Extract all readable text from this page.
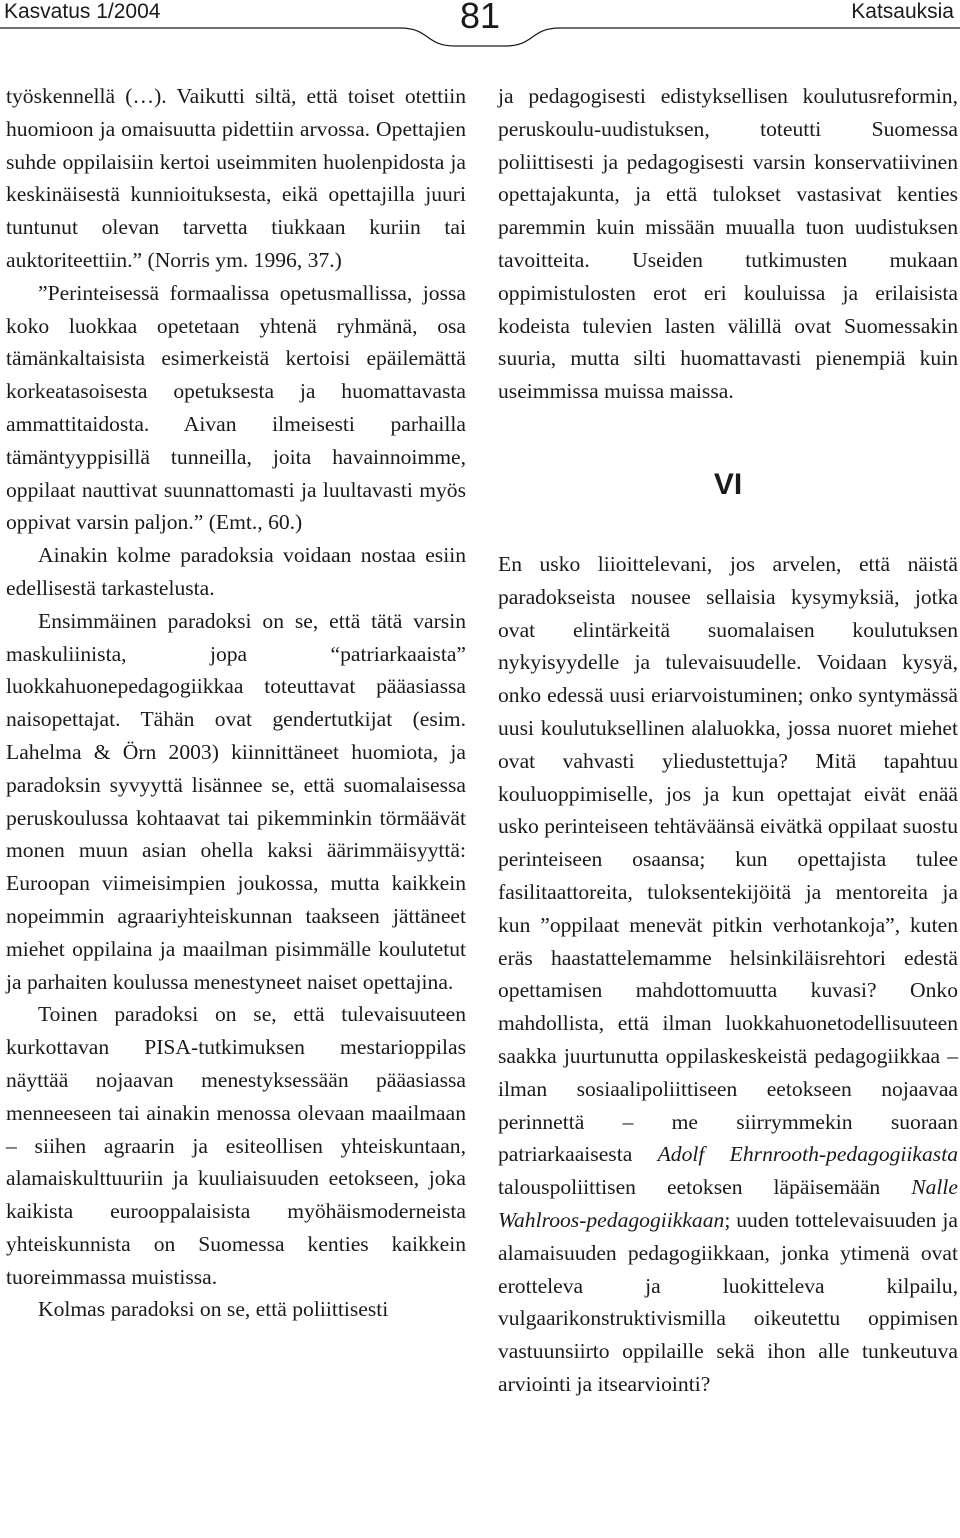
Kasvatus 1/2004	81	Katsauksia

työskennellä (…). Vaikutti siltä, että toiset otettiin huomioon ja omaisuutta pidettiin arvossa. Opettajien suhde oppilaisiin kertoi useimmiten huolenpidosta ja keskinäisestä kunnioituksesta, eikä opettajilla juuri tuntunut olevan tarvetta tiukkaan kuriin tai auktoriteettiin.” (Norris ym. 1996, 37.)

”Perinteisessä formaalissa opetusmallissa, jossa koko luokkaa opetetaan yhtenä ryhmänä, osa tämänkaltaisista esimerkeistä kertoisi epäilemättä korkeatasoisesta opetuksesta ja huomattavasta ammattitaidosta. Aivan ilmeisesti parhailla tämäntyyppisillä tunneilla, joita havainnoimme, oppilaat nauttivat suunnattomasti ja luultavasti myös oppivat varsin paljon.” (Emt., 60.)

Ainakin kolme paradoksia voidaan nostaa esiin edellisestä tarkastelusta.

Ensimmäinen paradoksi on se, että tätä varsin maskuliinista, jopa “patriarkaaista” luokkahuonepedagogiikkaa toteuttavat pääasiassa naisopettajat. Tähän ovat gendertutkijat (esim. Lahelma & Örn 2003) kiinnittäneet huomiota, ja paradoksin syvyyttä lisännee se, että suomalaisessa peruskoulussa kohtaavat tai pikemminkin törmäävät monen muun asian ohella kaksi äärimmäisyyttä: Euroopan viimeisimpien joukossa, mutta kaikkein nopeimmin agraariyhteiskunnan taakseen jättäneet miehet oppilaina ja maailman pisimmälle koulutetut ja parhaiten koulussa menestyneet naiset opettajina.

Toinen paradoksi on se, että tulevaisuuteen kurkottavan PISA-tutkimuksen mestarioppilas näyttää nojaavan menestyksessään pääasiassa menneeseen tai ainakin menossa olevaan maailmaan – siihen agraarin ja esiteollisen yhteiskuntaan, alamaiskulttuuriin ja kuuliaisuuden eetokseen, joka kaikista eurooppalaisista myöhäismoderneista yhteiskunnista on Suomessa kenties kaikkein tuoreimmassa muistissa.

Kolmas paradoksi on se, että poliittisesti

ja pedagogisesti edistyksellisen koulutusreformin, peruskoulu-uudistuksen, toteutti Suomessa poliittisesti ja pedagogisesti varsin konservatiivinen opettajakunta, ja että tulokset vastasivat kenties paremmin kuin missään muualla tuon uudistuksen tavoitteita. Useiden tutkimusten mukaan oppimistulosten erot eri kouluissa ja erilaisista kodeista tulevien lasten välillä ovat Suomessakin suuria, mutta silti huomattavasti pienempiä kuin useimmissa muissa maissa.

VI

En usko liioittelevani, jos arvelen, että näistä paradokseista nousee sellaisia kysymyksiä, jotka ovat elintärkeitä suomalaisen koulutuksen nykyisyydelle ja tulevaisuudelle. Voidaan kysyä, onko edessä uusi eriarvoistuminen; onko syntymässä uusi koulutuksellinen alaluokka, jossa nuoret miehet ovat vahvasti yliedustettuja? Mitä tapahtuu kouluoppimiselle, jos ja kun opettajat eivät enää usko perinteiseen tehtäväänsä eivätkä oppilaat suostu perinteiseen osaansa; kun opettajista tulee fasilitaattoreita, tuloksentekijöitä ja mentoreita ja kun ”oppilaat menevät pitkin verhotankoja”, kuten eräs haastattelemamme helsinkiläisrehtori edestä opettamisen mahdottomuutta kuvasi? Onko mahdollista, että ilman luokkahuonetodellisuuteen saakka juurtunutta oppilaskeskeistä pedagogiikkaa – ilman sosiaalipoliittiseen eetokseen nojaavaa perinnettä – me siirrymmekin suoraan patriarkaaisesta Adolf Ehrnrooth-pedagogiikasta talouspoliittisen eetoksen läpäisemään Nalle Wahlroos-pedagogiikkaan; uuden tottelevaisuuden ja alamaisuuden pedagogiikkaan, jonka ytimenä ovat erotteleva ja luokitteleva kilpailu, vulgaarikonstruktivismilla oikeutettu oppimisen vastuunsiirto oppilaille sekä ihon alle tunkeutuva arviointi ja itsearviointi?
